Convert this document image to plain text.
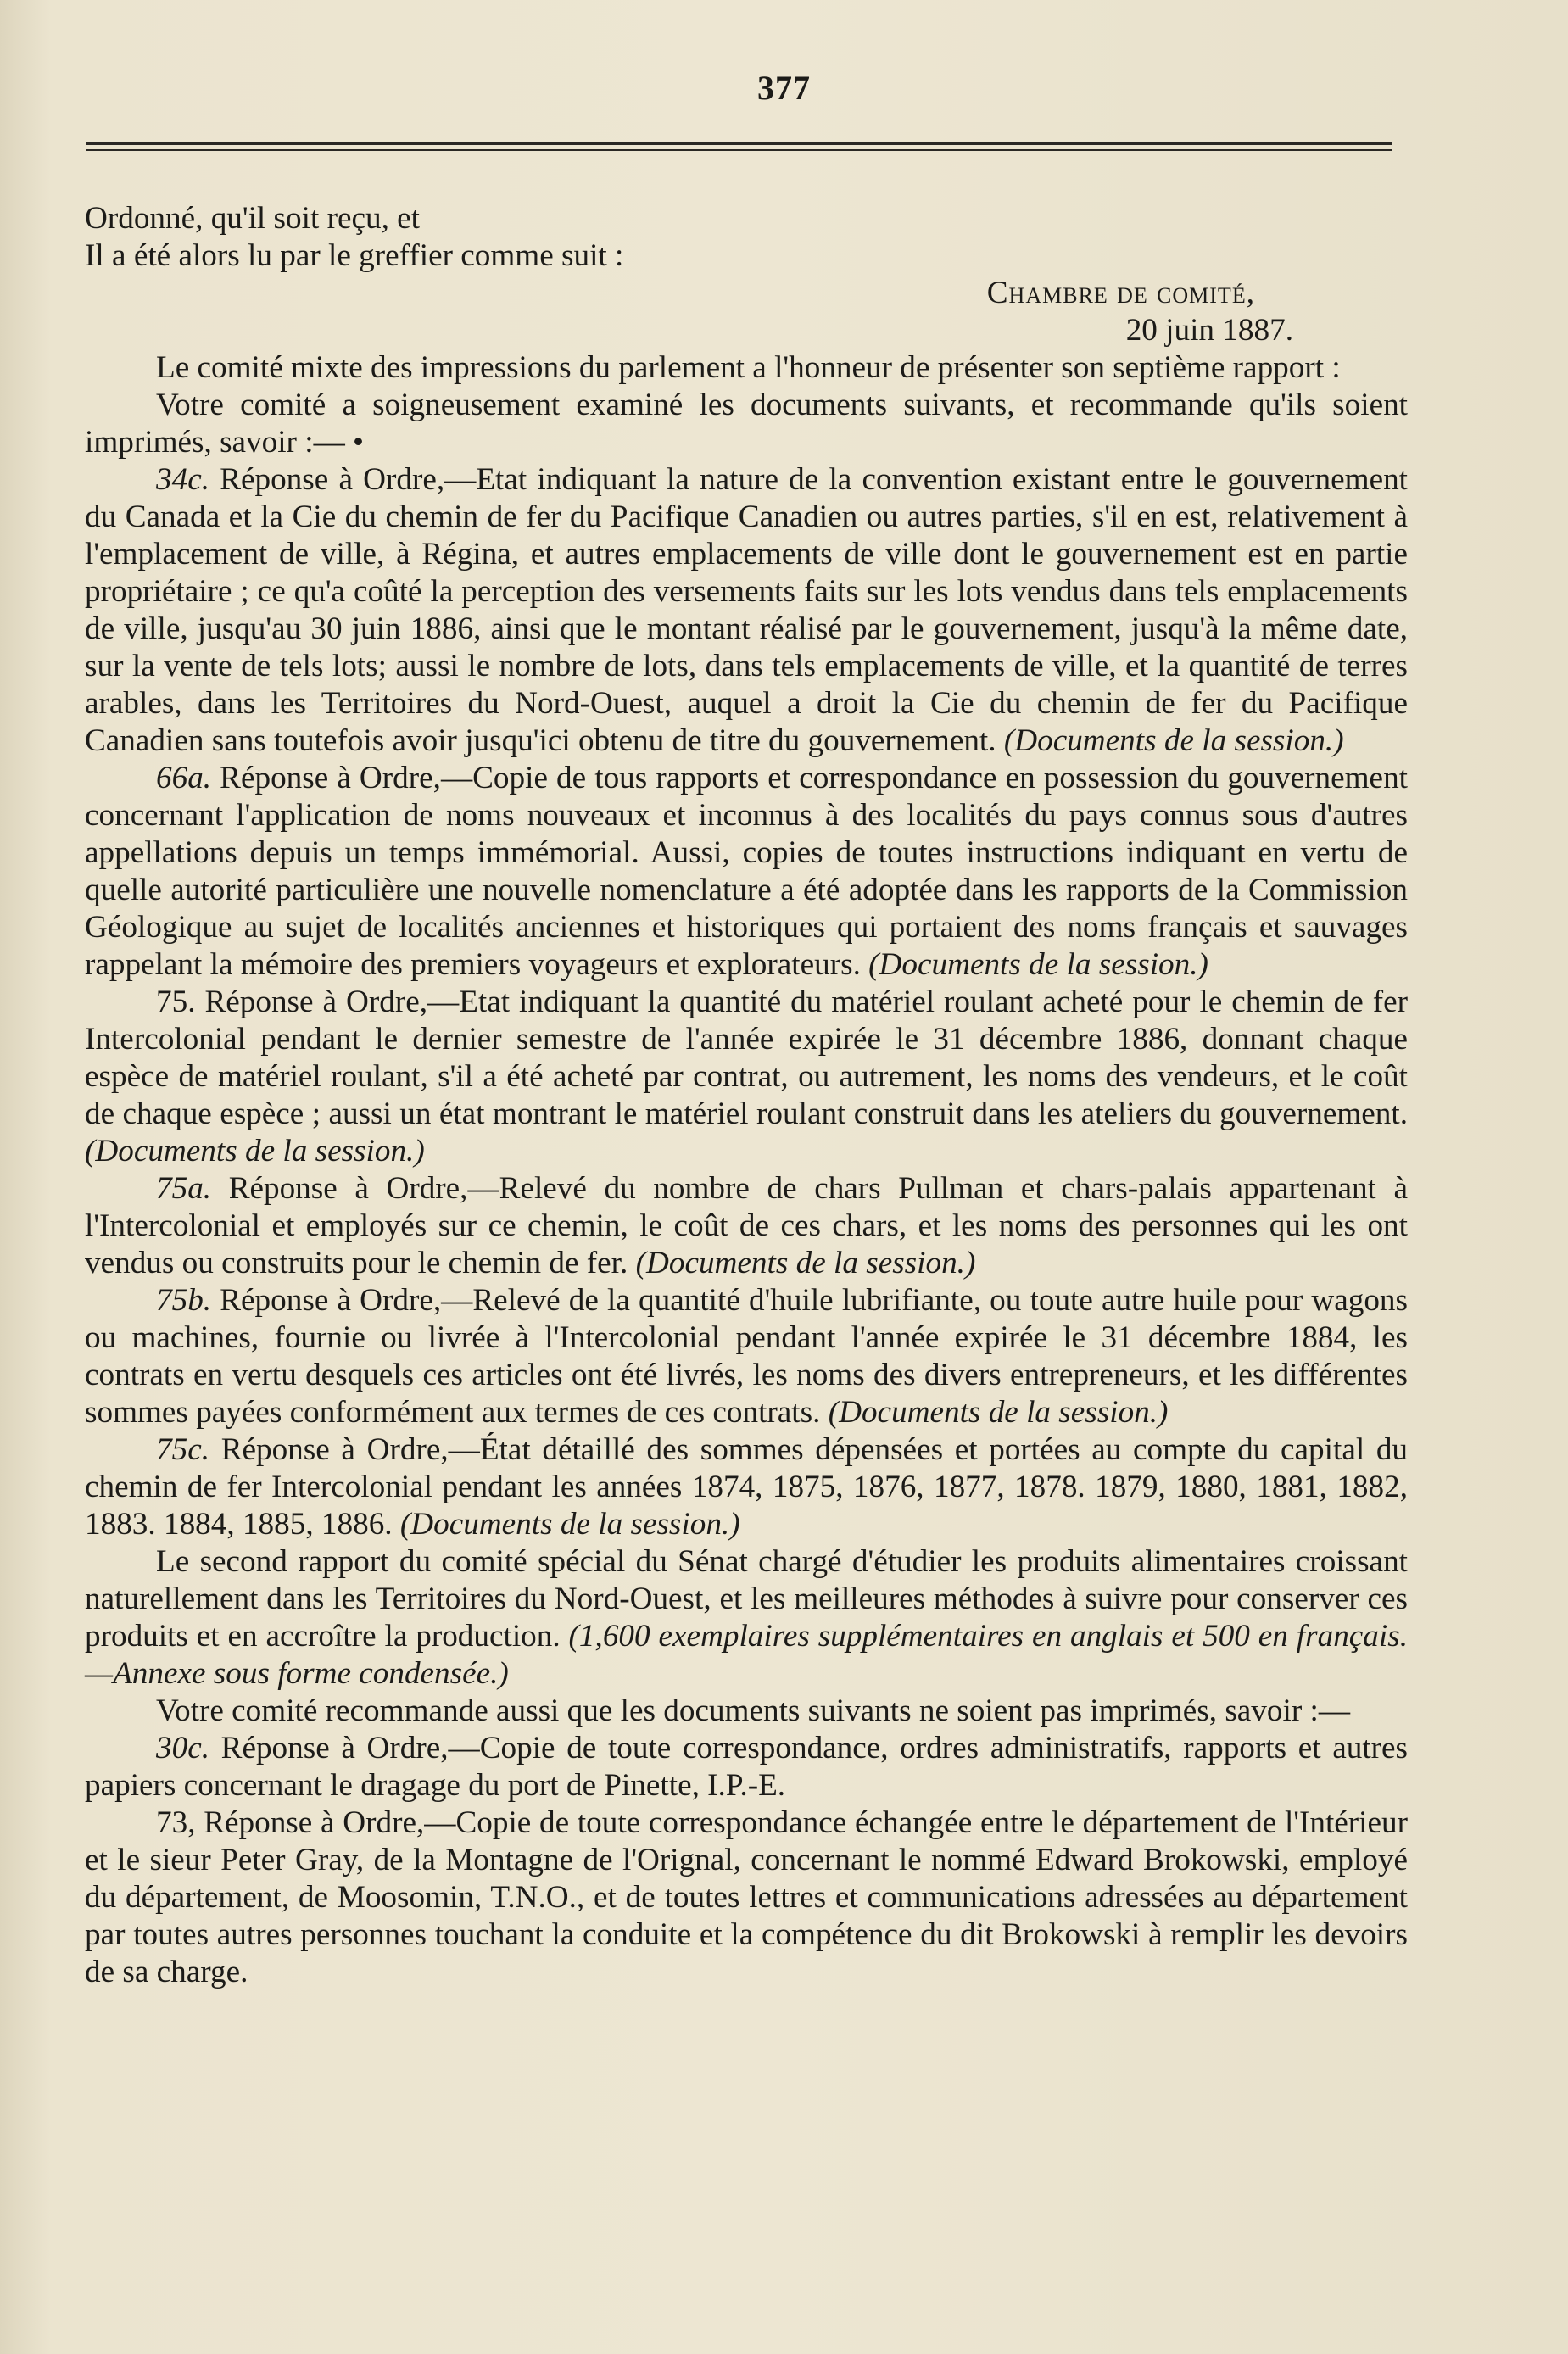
377

Ordonné, qu'il soit reçu, et

Il a été alors lu par le greffier comme suit :

Chambre de comité,

20 juin 1887.

Le comité mixte des impressions du parlement a l'honneur de présenter son septième rapport :

Votre comité a soigneusement examiné les documents suivants, et recommande qu'ils soient imprimés, savoir :— •

34c. Réponse à Ordre,—Etat indiquant la nature de la convention existant entre le gouvernement du Canada et la Cie du chemin de fer du Pacifique Canadien ou autres parties, s'il en est, relativement à l'emplacement de ville, à Régina, et autres emplacements de ville dont le gouvernement est en partie propriétaire ; ce qu'a coûté la perception des versements faits sur les lots vendus dans tels emplacements de ville, jusqu'au 30 juin 1886, ainsi que le montant réalisé par le gouvernement, jusqu'à la même date, sur la vente de tels lots; aussi le nombre de lots, dans tels emplacements de ville, et la quantité de terres arables, dans les Territoires du Nord-Ouest, auquel a droit la Cie du chemin de fer du Pacifique Canadien sans toutefois avoir jusqu'ici obtenu de titre du gouvernement. (Documents de la session.)

66a. Réponse à Ordre,—Copie de tous rapports et correspondance en possession du gouvernement concernant l'application de noms nouveaux et inconnus à des localités du pays connus sous d'autres appellations depuis un temps immémorial. Aussi, copies de toutes instructions indiquant en vertu de quelle autorité particulière une nouvelle nomenclature a été adoptée dans les rapports de la Commission Géologique au sujet de localités anciennes et historiques qui portaient des noms français et sauvages rappelant la mémoire des premiers voyageurs et explorateurs. (Documents de la session.)

75. Réponse à Ordre,—Etat indiquant la quantité du matériel roulant acheté pour le chemin de fer Intercolonial pendant le dernier semestre de l'année expirée le 31 décembre 1886, donnant chaque espèce de matériel roulant, s'il a été acheté par contrat, ou autrement, les noms des vendeurs, et le coût de chaque espèce ; aussi un état montrant le matériel roulant construit dans les ateliers du gouvernement. (Documents de la session.)

75a. Réponse à Ordre,—Relevé du nombre de chars Pullman et chars-palais appartenant à l'Intercolonial et employés sur ce chemin, le coût de ces chars, et les noms des personnes qui les ont vendus ou construits pour le chemin de fer. (Documents de la session.)

75b. Réponse à Ordre,—Relevé de la quantité d'huile lubrifiante, ou toute autre huile pour wagons ou machines, fournie ou livrée à l'Intercolonial pendant l'année expirée le 31 décembre 1884, les contrats en vertu desquels ces articles ont été livrés, les noms des divers entrepreneurs, et les différentes sommes payées conformément aux termes de ces contrats. (Documents de la session.)

75c. Réponse à Ordre,—État détaillé des sommes dépensées et portées au compte du capital du chemin de fer Intercolonial pendant les années 1874, 1875, 1876, 1877, 1878. 1879, 1880, 1881, 1882, 1883. 1884, 1885, 1886. (Documents de la session.)

Le second rapport du comité spécial du Sénat chargé d'étudier les produits alimentaires croissant naturellement dans les Territoires du Nord-Ouest, et les meilleures méthodes à suivre pour conserver ces produits et en accroître la production. (1,600 exemplaires supplémentaires en anglais et 500 en français.—Annexe sous forme condensée.)

Votre comité recommande aussi que les documents suivants ne soient pas imprimés, savoir :—

30c. Réponse à Ordre,—Copie de toute correspondance, ordres administratifs, rapports et autres papiers concernant le dragage du port de Pinette, I.P.-E.

73, Réponse à Ordre,—Copie de toute correspondance échangée entre le département de l'Intérieur et le sieur Peter Gray, de la Montagne de l'Orignal, concernant le nommé Edward Brokowski, employé du département, de Moosomin, T.N.O., et de toutes lettres et communications adressées au département par toutes autres personnes touchant la conduite et la compétence du dit Brokowski à remplir les devoirs de sa charge.
